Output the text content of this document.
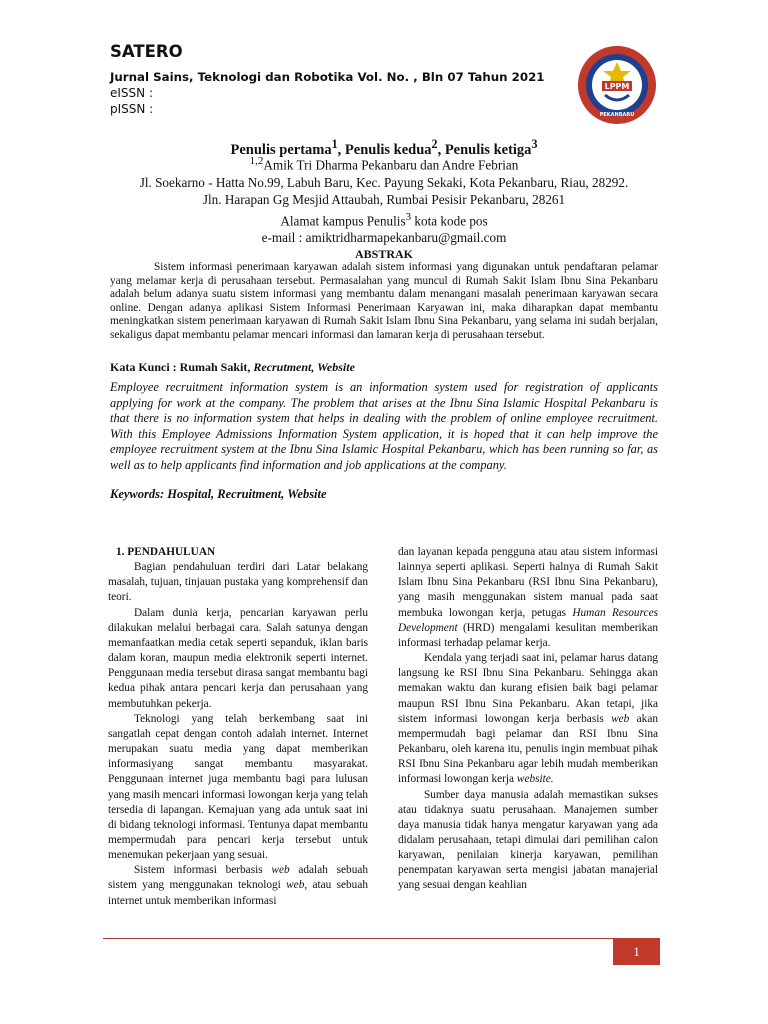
SATERO
Jurnal Sains, Teknologi dan Robotika Vol. No. , Bln 07 Tahun 2021
eISSN :
pISSN :
LPPM
PEKANBARU
Penulis pertama$^1$, Penulis kedua$^2$, Penulis ketiga$^3$
$^{1,2}$Amik Tri Dharma Pekanbaru dan Andre Febrian
Jl. Soekarno - Hatta No.99, Labuh Baru, Kec. Payung Sekaki, Kota Pekanbaru, Riau, 28292.
Jln. Harapan Gg Mesjid Attaubah, Rumbai Pesisir Pekanbaru, 28261
Alamat kampus Penulis$^3$ kota kode pos
e-mail : amiktridharmapekanbaru@gmail.com
ABSTRAK
Sistem informasi penerimaan karyawan adalah sistem informasi yang digunakan untuk pendaftaran pelamar yang melamar kerja di perusahaan tersebut. Permasalahan yang muncul di Rumah Sakit Islam Ibnu Sina Pekanbaru adalah belum adanya suatu sistem informasi yang membantu dalam menangani masalah penerimaan karyawan secara online. Dengan adanya aplikasi Sistem Informasi Penerimaan Karyawan ini, maka diharapkan dapat membantu meningkatkan sistem penerimaan karyawan di Rumah Sakit Islam Ibnu Sina Pekanbaru, yang selama ini sudah berjalan, sekaligus dapat membantu pelamar mencari informasi dan lamaran kerja di perusahaan tersebut.
Kata Kunci : Rumah Sakit, Recrutment, Website
Employee recruitment information system is an information system used for registration of applicants applying for work at the company. The problem that arises at the Ibnu Sina Islamic Hospital Pekanbaru is that there is no information system that helps in dealing with the problem of online employee recruitment. With this Employee Admissions Information System application, it is hoped that it can help improve the employee recruitment system at the Ibnu Sina Islamic Hospital Pekanbaru, which has been running so far, as well as to help applicants find information and job applications at the company.
Keywords: Hospital, Recruitment, Website

1. PENDAHULUAN

Bagian pendahuluan terdiri dari Latar belakang masalah, tujuan, tinjauan pustaka yang komprehensif dan teori.

Dalam dunia kerja, pencarian karyawan perlu dilakukan melalui berbagai cara. Salah satunya dengan memanfaatkan media cetak seperti sepanduk, iklan baris dalam koran, maupun media elektronik seperti internet. Penggunaan media tersebut dirasa sangat membantu bagi kedua pihak antara pencari kerja dan perusahaan yang membutuhkan pekerja.

Teknologi yang telah berkembang saat ini sangatlah cepat dengan contoh adalah internet. Internet merupakan suatu media yang dapat memberikan informasiyang sangat membantu masyarakat. Penggunaan internet juga membantu bagi para lulusan yang masih mencari informasi lowongan kerja yang telah tersedia di lapangan. Kemajuan yang ada untuk saat ini di bidang teknologi informasi. Tentunya dapat membantu mempermudah para pencari kerja tersebut untuk menemukan pekerjaan yang sesuai.

Sistem informasi berbasis web adalah sebuah sistem yang menggunakan teknologi web, atau sebuah internet untuk memberikan informasi

dan layanan kepada pengguna atau atau sistem informasi lainnya seperti aplikasi. Seperti halnya di Rumah Sakit Islam Ibnu Sina Pekanbaru (RSI Ibnu Sina Pekanbaru), yang masih menggunakan sistem manual pada saat membuka lowongan kerja, petugas Human Resources Development (HRD) mengalami kesulitan memberikan informasi terhadap pelamar kerja.

Kendala yang terjadi saat ini, pelamar harus datang langsung ke RSI Ibnu Sina Pekanbaru. Sehingga akan memakan waktu dan kurang efisien baik bagi pelamar maupun RSI Ibnu Sina Pekanbaru. Akan tetapi, jika sistem informasi lowongan kerja berbasis web akan mempermudah bagi pelamar dan RSI Ibnu Sina Pekanbaru, oleh karena itu, penulis ingin membuat pihak RSI Ibnu Sina Pekanbaru agar lebih mudah memberikan informasi lowongan kerja website.

Sumber daya manusia adalah memastikan sukses atau tidaknya suatu perusahaan. Manajemen sumber daya manusia tidak hanya mengatur karyawan yang ada didalam perusahaan, tetapi dimulai dari pemilihan calon karyawan, penilaian kinerja karyawan, pemilihan penempatan karyawan serta mengisi jabatan manajerial yang sesuai dengan keahlian

1
